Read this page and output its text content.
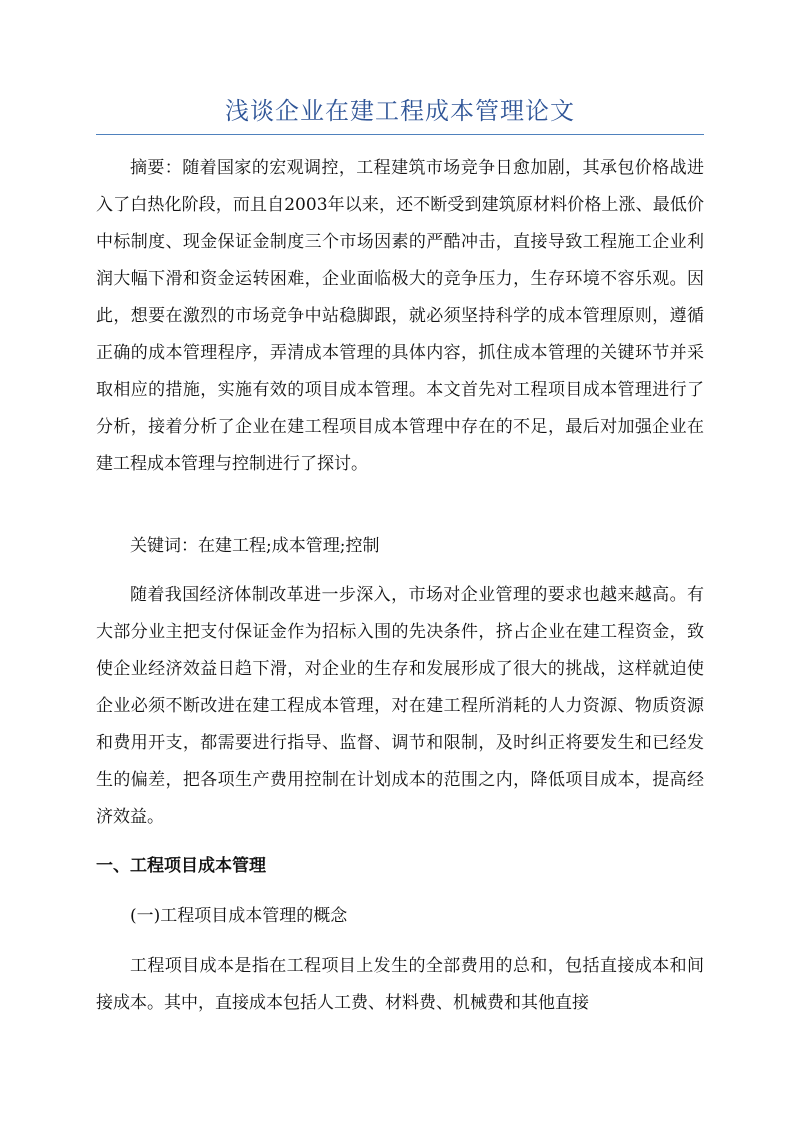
浅谈企业在建工程成本管理论文

摘要：随着国家的宏观调控，工程建筑市场竞争日愈加剧，其承包价格战进入了白热化阶段，而且自2003年以来，还不断受到建筑原材料价格上涨、最低价中标制度、现金保证金制度三个市场因素的严酷冲击，直接导致工程施工企业利润大幅下滑和资金运转困难，企业面临极大的竞争压力，生存环境不容乐观。因此，想要在激烈的市场竞争中站稳脚跟，就必须坚持科学的成本管理原则，遵循正确的成本管理程序，弄清成本管理的具体内容，抓住成本管理的关键环节并采取相应的措施，实施有效的项目成本管理。本文首先对工程项目成本管理进行了分析，接着分析了企业在建工程项目成本管理中存在的不足，最后对加强企业在建工程成本管理与控制进行了探讨。

关键词：在建工程;成本管理;控制

随着我国经济体制改革进一步深入，市场对企业管理的要求也越来越高。有大部分业主把支付保证金作为招标入围的先决条件，挤占企业在建工程资金，致使企业经济效益日趋下滑，对企业的生存和发展形成了很大的挑战，这样就迫使企业必须不断改进在建工程成本管理，对在建工程所消耗的人力资源、物质资源和费用开支，都需要进行指导、监督、调节和限制，及时纠正将要发生和已经发生的偏差，把各项生产费用控制在计划成本的范围之内，降低项目成本，提高经济效益。

一、工程项目成本管理

(一)工程项目成本管理的概念

工程项目成本是指在工程项目上发生的全部费用的总和，包括直接成本和间接成本。其中，直接成本包括人工费、材料费、机械费和其他直接
